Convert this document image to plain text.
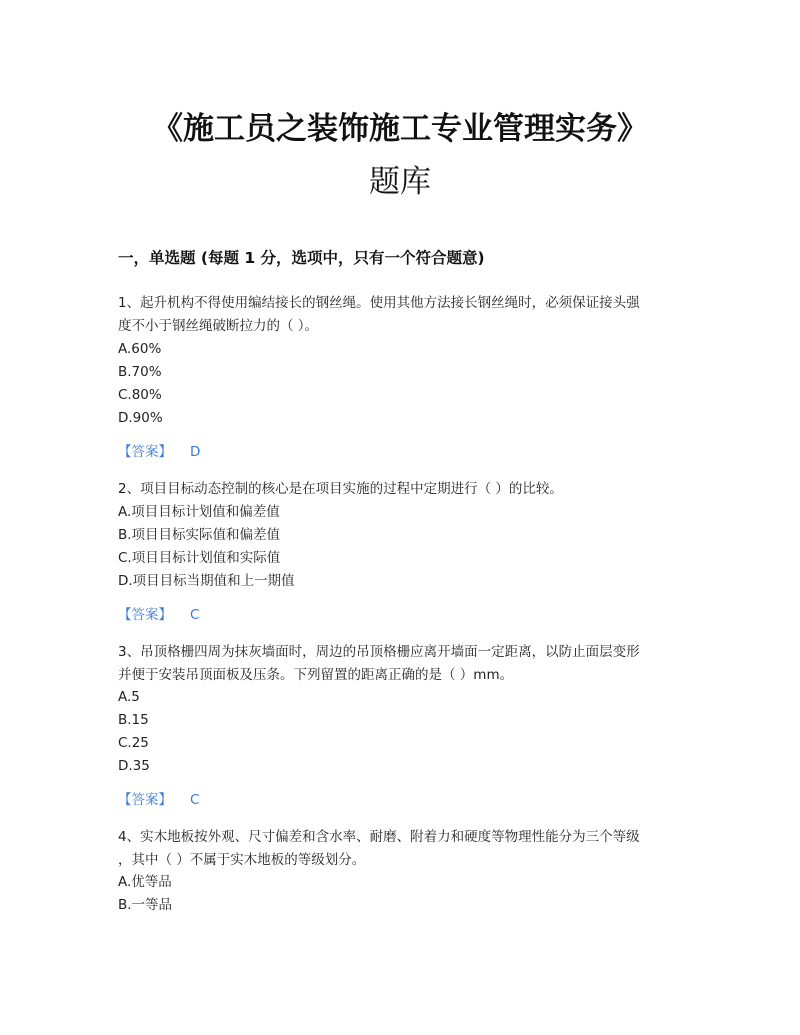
《施工员之装饰施工专业管理实务》
题库
一，单选题 (每题 1 分，选项中，只有一个符合题意)
1、起升机构不得使用编结接长的钢丝绳。使用其他方法接长钢丝绳时，必须保证接头强
度不小于钢丝绳破断拉力的（ ）。
A.60%
B.70%
C.80%
D.90%
【答案】 D
2、项目目标动态控制的核心是在项目实施的过程中定期进行（ ）的比较。
A.项目目标计划值和偏差值
B.项目目标实际值和偏差值
C.项目目标计划值和实际值
D.项目目标当期值和上一期值
【答案】 C
3、吊顶格栅四周为抹灰墙面时，周边的吊顶格栅应离开墙面一定距离，以防止面层变形
并便于安装吊顶面板及压条。下列留置的距离正确的是（ ）mm。
A.5
B.15
C.25
D.35
【答案】 C
4、实木地板按外观、尺寸偏差和含水率、耐磨、附着力和硬度等物理性能分为三个等级
，其中（ ）不属于实木地板的等级划分。
A.优等品
B.一等品
